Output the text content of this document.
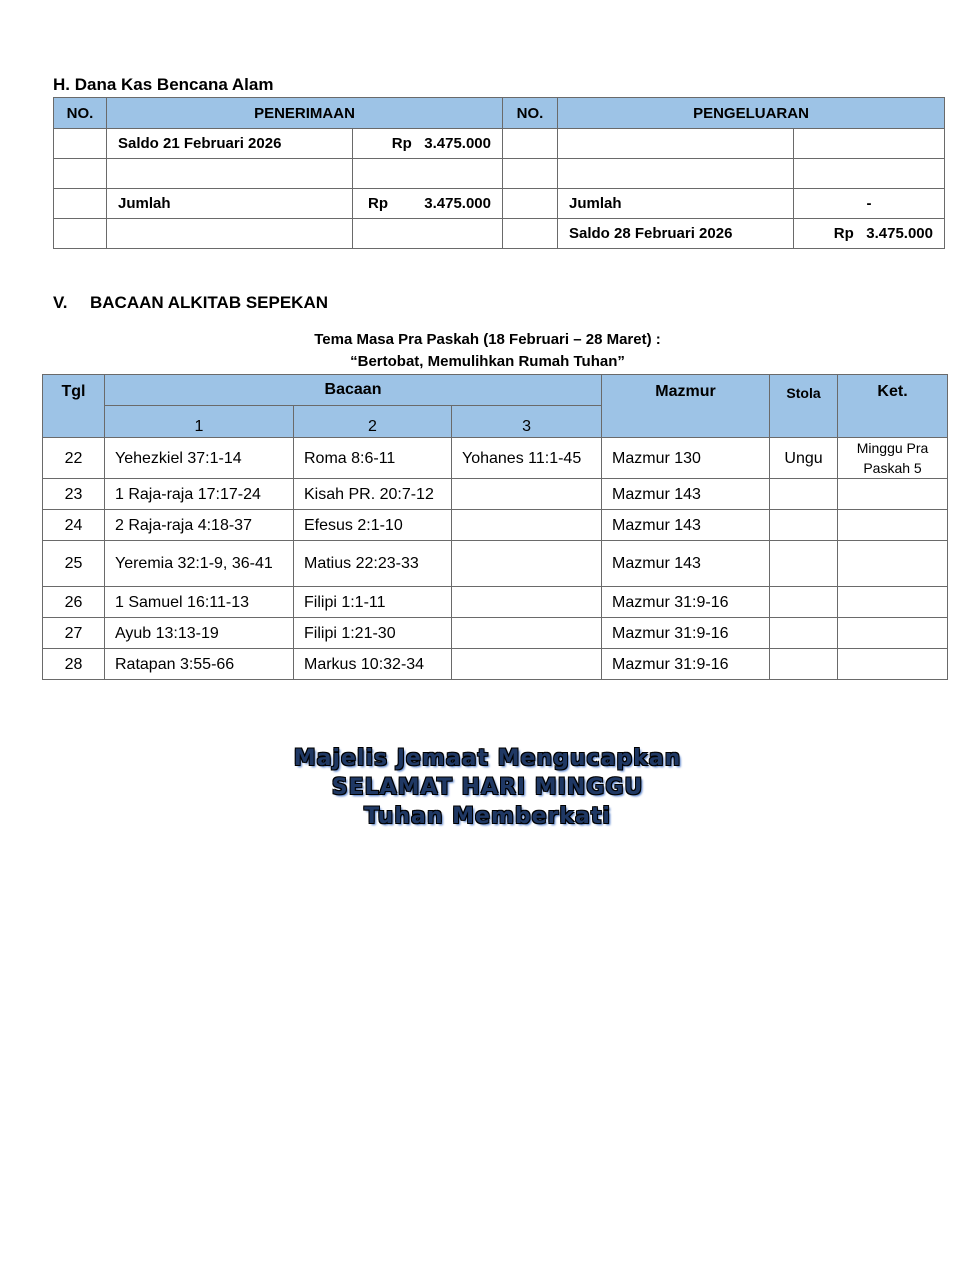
H. Dana Kas Bencana Alam
NO.	PENERIMAAN		NO.	PENGELUARAN	
	Saldo 21 Februari 2026	Rp 3.475.000			

	Jumlah	Rp 3.475.000		Jumlah	-
				Saldo 28 Februari 2026	Rp 3.475.000
V. BACAAN ALKITAB SEPEKAN
Tema Masa Pra Paskah (18 Februari – 28 Maret) :
“Bertobat, Memulihkan Rumah Tuhan”
Tgl	Bacaan			Mazmur	Stola	Ket.
	1	2	3			
22	Yehezkiel 37:1-14	Roma 8:6-11	Yohanes 11:1-45	Mazmur 130	Ungu	Minggu Pra Paskah 5
23	1 Raja-raja 17:17-24	Kisah PR. 20:7-12		Mazmur 143		
24	2 Raja-raja 4:18-37	Efesus 2:1-10		Mazmur 143		
25	Yeremia 32:1-9, 36-41	Matius 22:23-33		Mazmur 143		
26	1 Samuel 16:11-13	Filipi 1:1-11		Mazmur 31:9-16		
27	Ayub 13:13-19	Filipi 1:21-30		Mazmur 31:9-16		
28	Ratapan 3:55-66	Markus 10:32-34		Mazmur 31:9-16		
Majelis Jemaat Mengucapkan
SELAMAT HARI MINGGU
Tuhan Memberkati
